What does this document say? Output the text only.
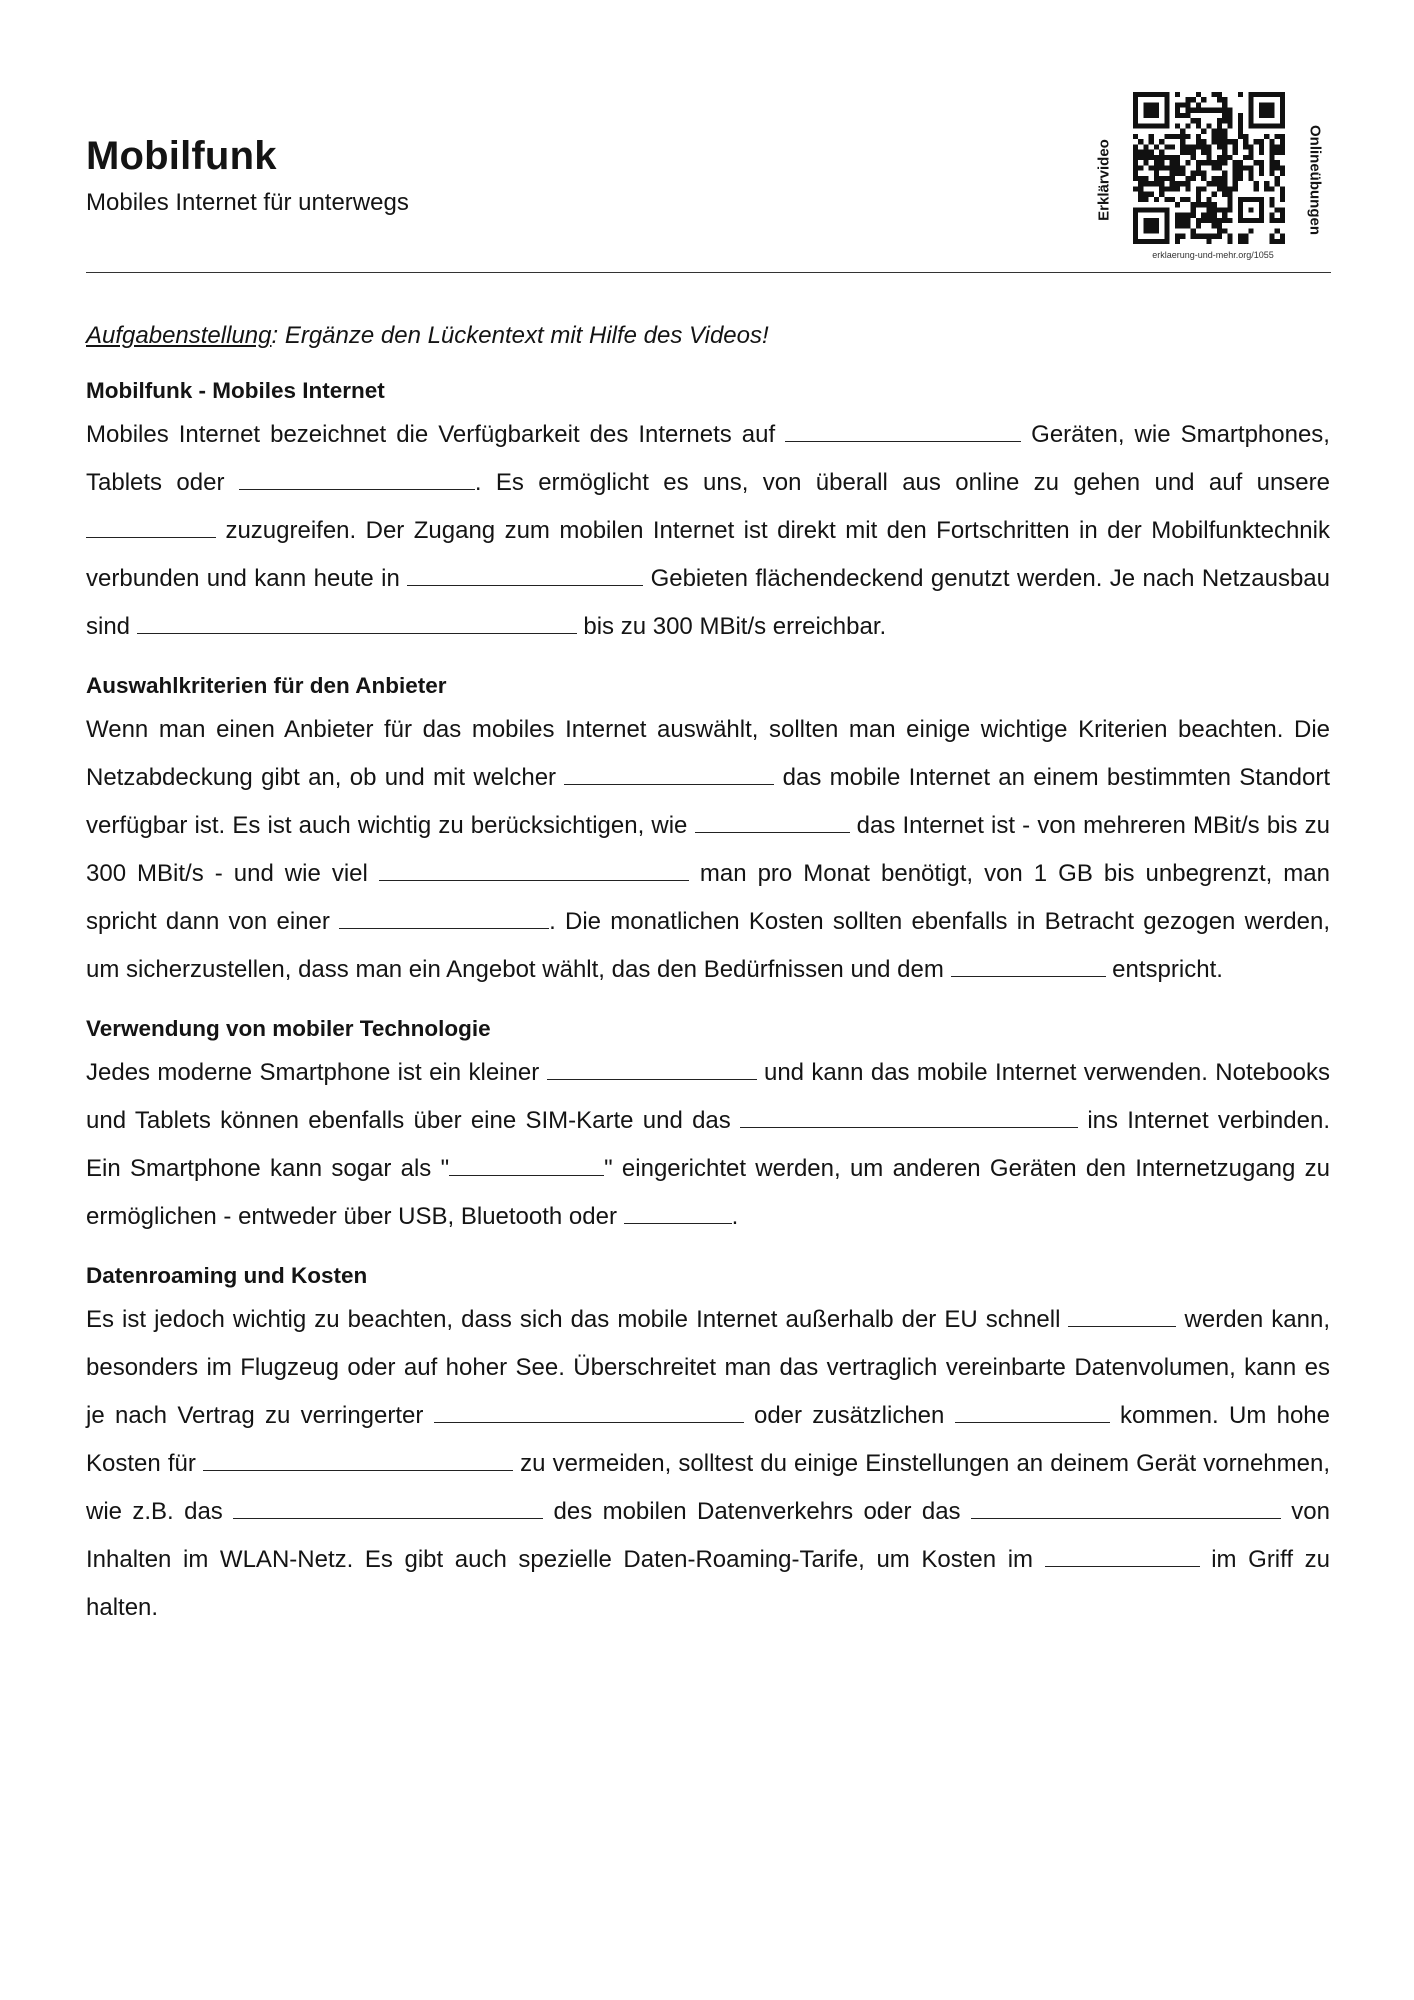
Mobilfunk

Mobiles Internet für unterwegs	Erklärvideo	Onlineübungen
erklaerung-und-mehr.org/1055

Aufgabenstellung: Ergänze den Lückentext mit Hilfe des Videos!

Mobilfunk - Mobiles Internet

Mobiles Internet bezeichnet die Verfügbarkeit des Internets auf	Geräten, wie Smartphones, Tablets oder	. Es ermöglicht es uns, von überall aus online zu gehen und auf unsere  zuzugreifen. Der Zugang zum mobilen Internet ist direkt mit den Fortschritten in der Mobilfunktechnik verbunden und kann heute in	Gebieten flächendeckend genutzt werden. Je nach Netzausbau sind	bis zu 300 MBit/s erreichbar.

Auswahlkriterien für den Anbieter

Wenn man einen Anbieter für das mobiles Internet auswählt, sollten man einige wichtige Kriterien beachten. Die Netzabdeckung gibt an, ob und mit welcher	das mobile Internet an einem bestimmten Standort verfügbar ist. Es ist auch wichtig zu berücksichtigen, wie	das Internet ist - von mehreren MBit/s bis zu 300 MBit/s - und wie viel	man pro Monat benötigt, von 1 GB bis unbegrenzt, man spricht dann von einer	. Die monatlichen Kosten sollten ebenfalls in Betracht gezogen werden, um sicherzustellen, dass man ein Angebot wählt, das den Bedürfnissen und dem	entspricht.

Verwendung von mobiler Technologie

Jedes moderne Smartphone ist ein kleiner	und kann das mobile Internet verwenden. Notebooks und Tablets können ebenfalls über eine SIM-Karte und das	ins Internet verbinden. Ein Smartphone kann sogar als "	" eingerichtet werden, um anderen Geräten den Internetzugang zu ermöglichen - entweder über USB, Bluetooth oder	.

Datenroaming und Kosten

Es ist jedoch wichtig zu beachten, dass sich das mobile Internet außerhalb der EU schnell	werden kann, besonders im Flugzeug oder auf hoher See. Überschreitet man das vertraglich vereinbarte Datenvolumen, kann es je nach Vertrag zu verringerter	oder zusätzlichen	kommen. Um hohe Kosten für	zu vermeiden, solltest du einige Einstellungen an deinem Gerät vornehmen, wie z.B. das	des mobilen Datenverkehrs oder das	von Inhalten im WLAN-Netz. Es gibt auch spezielle Daten-Roaming-Tarife, um Kosten im	im Griff zu halten.
